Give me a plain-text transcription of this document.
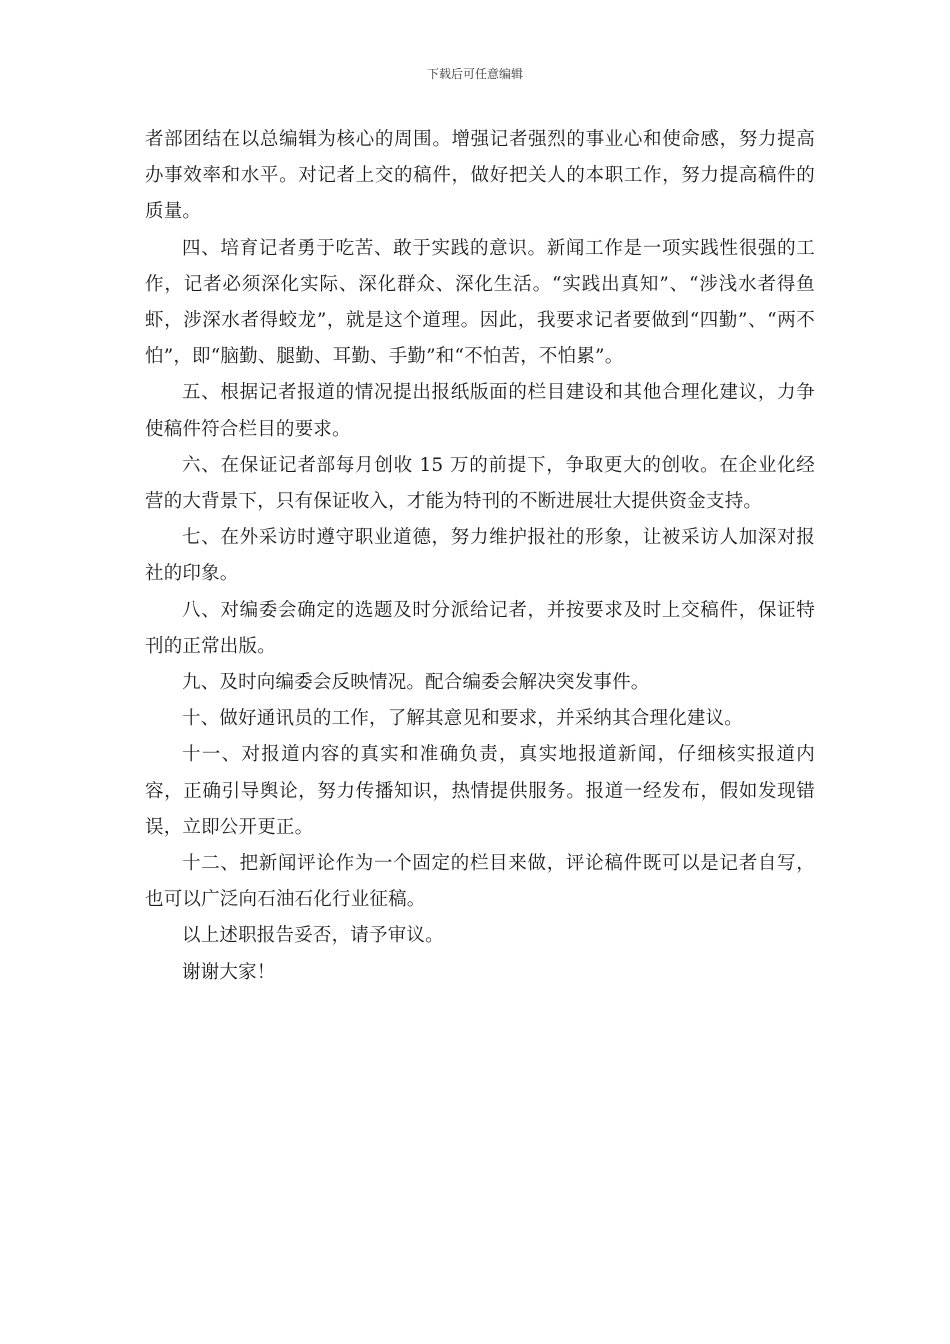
下载后可任意编辑

者部团结在以总编辑为核心的周围。增强记者强烈的事业心和使命感，努力提高办事效率和水平。对记者上交的稿件，做好把关人的本职工作，努力提高稿件的质量。

四、培育记者勇于吃苦、敢于实践的意识。新闻工作是一项实践性很强的工作，记者必须深化实际、深化群众、深化生活。“实践出真知”、“涉浅水者得鱼虾，涉深水者得蛟龙”，就是这个道理。因此，我要求记者要做到“四勤”、“两不怕”，即“脑勤、腿勤、耳勤、手勤”和“不怕苦，不怕累”。

五、根据记者报道的情况提出报纸版面的栏目建设和其他合理化建议，力争使稿件符合栏目的要求。

六、在保证记者部每月创收 15 万的前提下，争取更大的创收。在企业化经营的大背景下，只有保证收入，才能为特刊的不断进展壮大提供资金支持。

七、在外采访时遵守职业道德，努力维护报社的形象，让被采访人加深对报社的印象。

八、对编委会确定的选题及时分派给记者，并按要求及时上交稿件，保证特刊的正常出版。

九、及时向编委会反映情况。配合编委会解决突发事件。

十、做好通讯员的工作，了解其意见和要求，并采纳其合理化建议。

十一、对报道内容的真实和准确负责，真实地报道新闻，仔细核实报道内容，正确引导舆论，努力传播知识，热情提供服务。报道一经发布，假如发现错误，立即公开更正。

十二、把新闻评论作为一个固定的栏目来做，评论稿件既可以是记者自写，也可以广泛向石油石化行业征稿。

以上述职报告妥否，请予审议。

谢谢大家！
